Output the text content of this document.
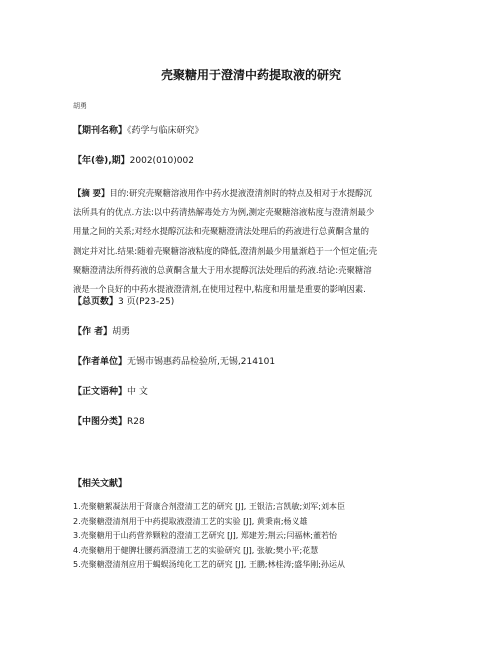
壳聚糖用于澄清中药提取液的研究
胡勇
【期刊名称】《药学与临床研究》
【年(卷),期】2002(010)002
【摘 要】目的:研究壳聚糖溶液用作中药水提液澄清剂时的特点及相对于水提醇沉
法所具有的优点.方法:以中药清热解毒处方为例,测定壳聚糖溶液粘度与澄清剂最少
用量之间的关系;对经水提醇沉法和壳聚糖澄清法处理后的药液进行总黄酮含量的
测定并对比.结果:随着壳聚糖溶液粘度的降低,澄清剂最少用量渐趋于一个恒定值;壳
聚糖澄清法所得药液的总黄酮含量大于用水提醇沉法处理后的药液.结论:壳聚糖溶
液是一个良好的中药水提液澄清剂,在使用过程中,粘度和用量是重要的影响因素.
【总页数】3 页(P23-25)
【作 者】胡勇
【作者单位】无锡市锡惠药品检验所,无锡,214101
【正文语种】中 文
【中图分类】R28
【相关文献】
1.壳聚糖絮凝法用于肾康合剂澄清工艺的研究 [J], 王银洁;言凯敏;刘军;刘本臣
2.壳聚糖澄清剂用于中药提取液澄清工艺的实验 [J], 黄秉南;杨义雄
3.壳聚糖用于山药营养颗粒的澄清工艺研究 [J], 郑建芳;荆云;闫福林;董若怡
4.壳聚糖用于健脾壮腰药酒澄清工艺的实验研究 [J], 张敏;樊小平;花慧
5.壳聚糖澄清剂应用于蝎蜈汤纯化工艺的研究 [J], 王鹏;林桂涛;盛华刚;孙运从
